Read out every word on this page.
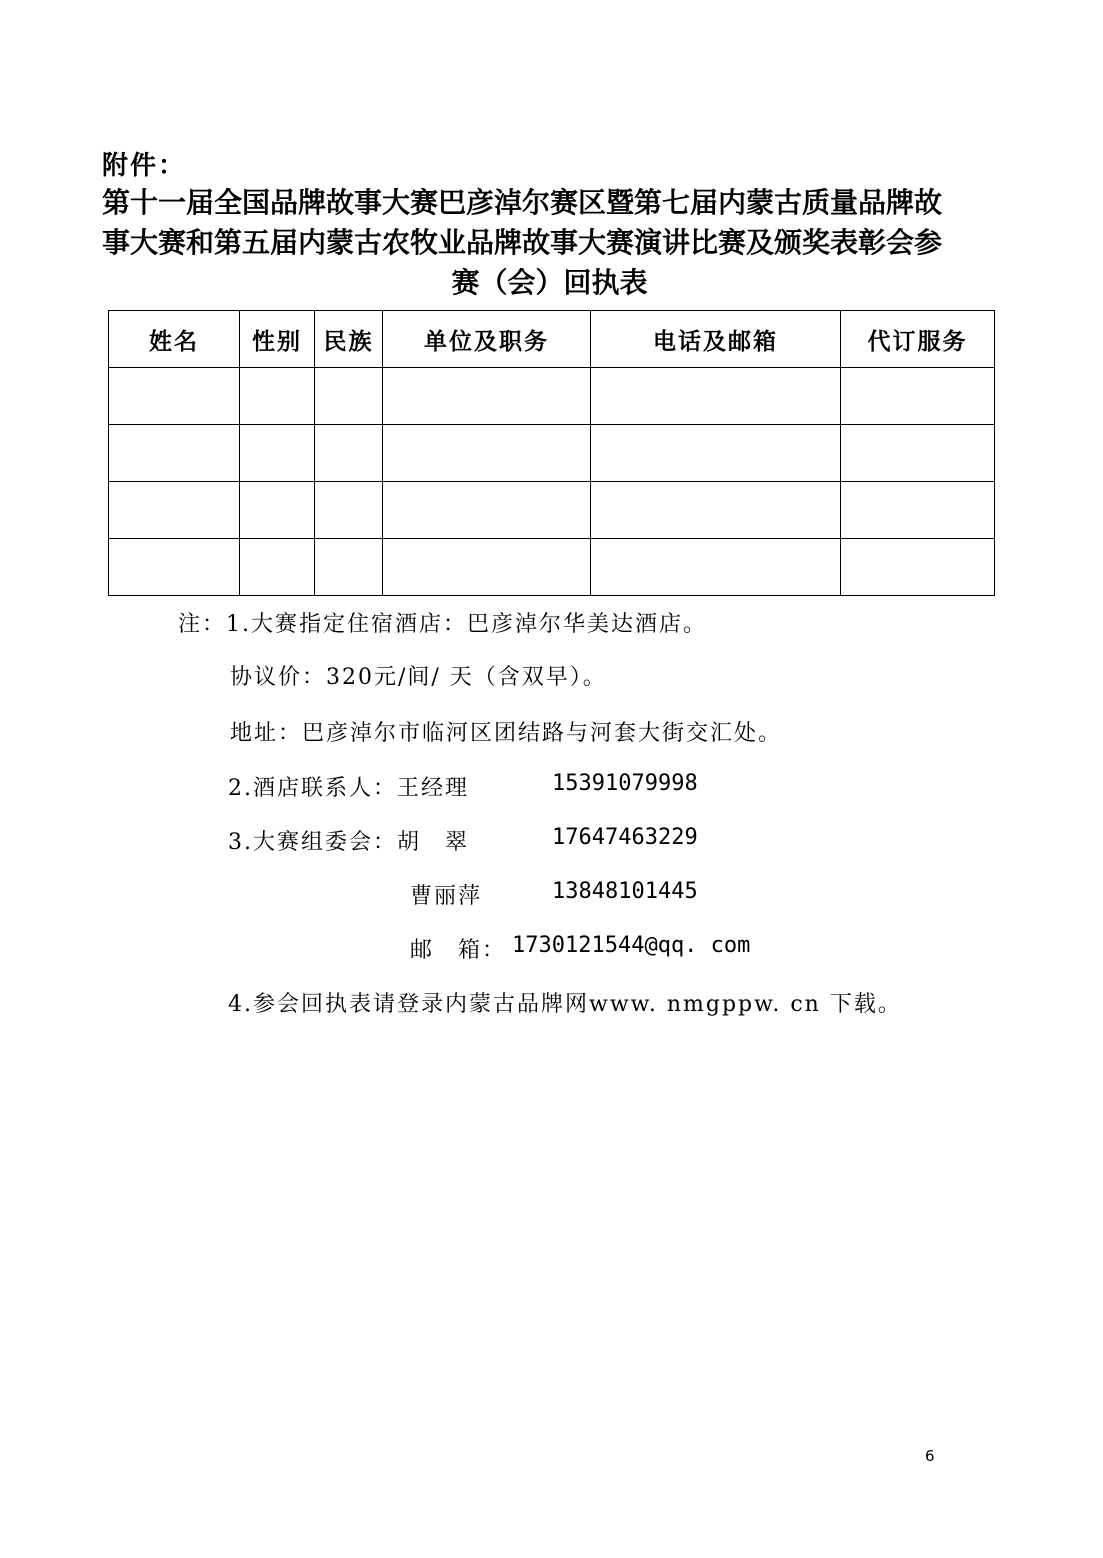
附件：
第十一届全国品牌故事大赛巴彦淖尔赛区暨第七届内蒙古质量品牌故
事大赛和第五届内蒙古农牧业品牌故事大赛演讲比赛及颁奖表彰会参
赛（会）回执表
姓名	性别	民族	单位及职务	电话及邮箱	代订服务

注：1.大赛指定住宿酒店：巴彦淖尔华美达酒店。
协议价：320元/间/ 天（含双早）。
地址：巴彦淖尔市临河区团结路与河套大街交汇处。
2.酒店联系人：王经理	15391079998
3.大赛组委会：胡　翠	17647463229
曹丽萍	13848101445
邮　箱： 1730121544@qq. com
4.参会回执表请登录内蒙古品牌网www. nmgppw. cn 下载。
6
